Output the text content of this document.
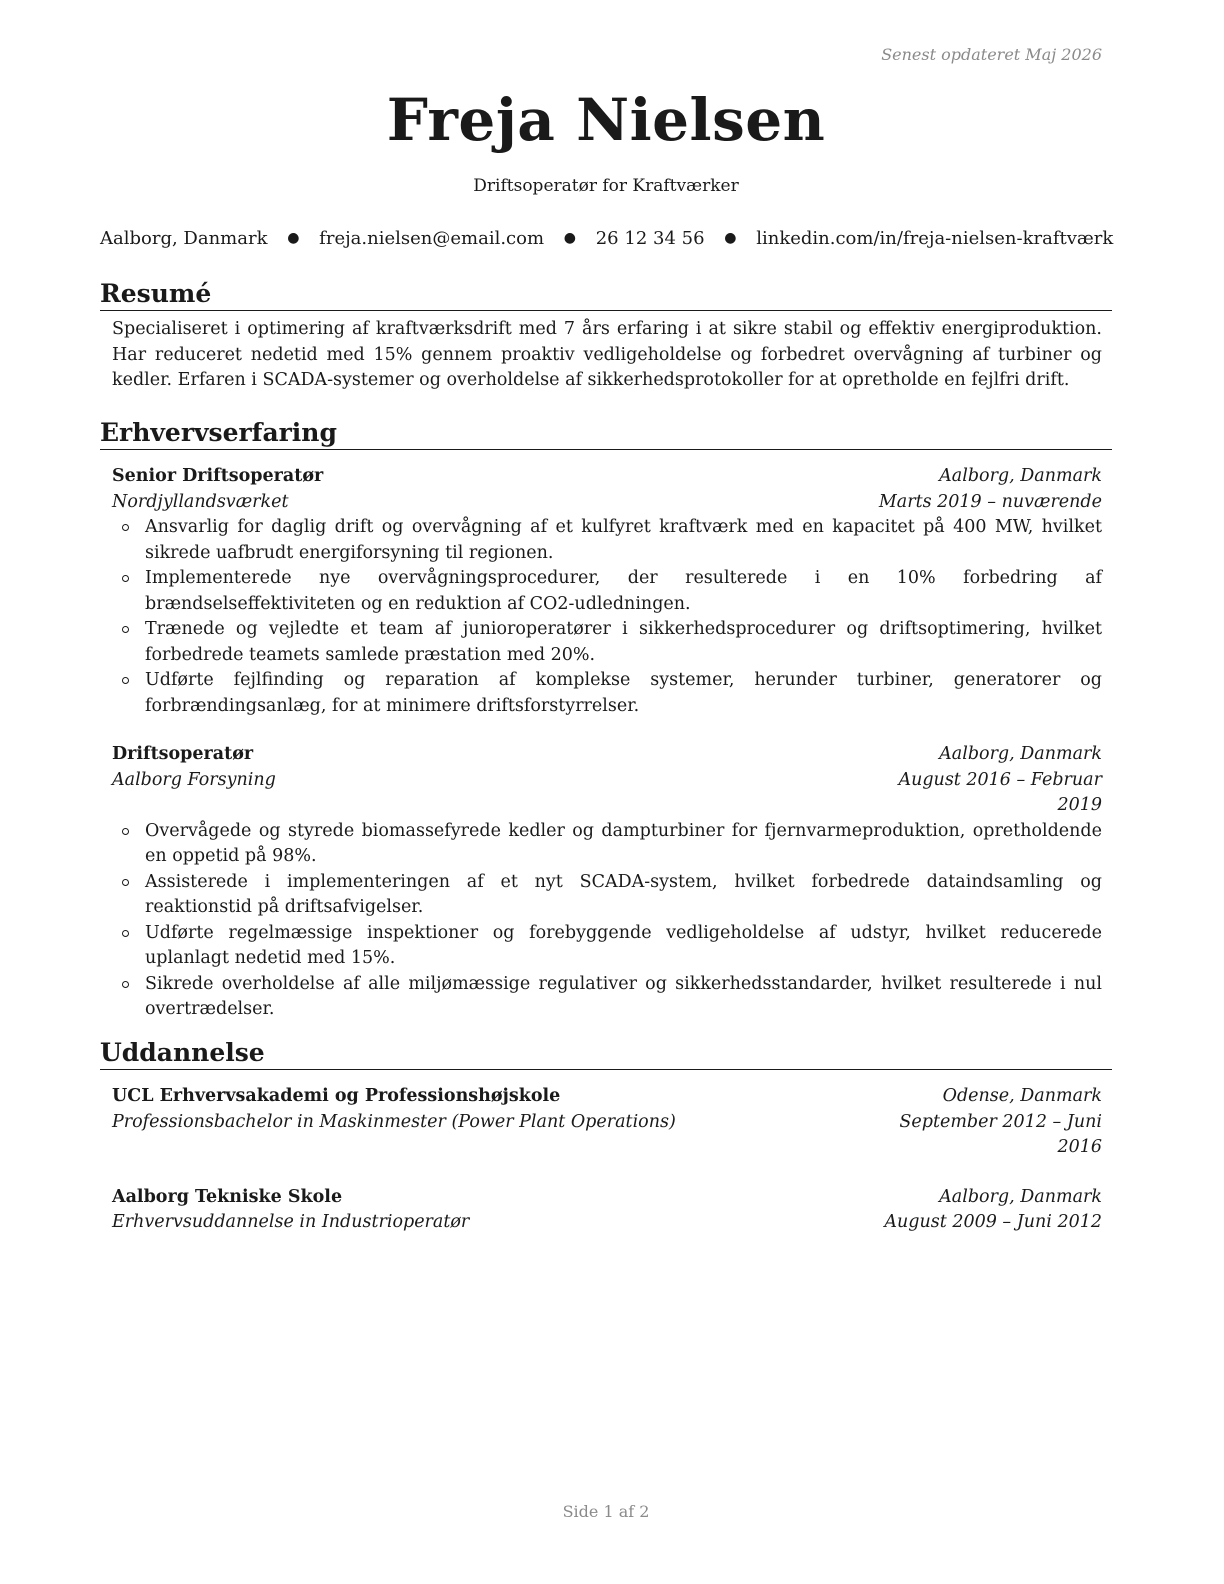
Senest opdateret Maj 2026
Freja Nielsen
Driftsoperatør for Kraftværker
Aalborg, Danmark ● freja.nielsen@email.com ● 26 12 34 56 ● linkedin.com/in/freja-nielsen-kraftværk
Resumé
Specialiseret i optimering af kraftværksdrift med 7 års erfaring i at sikre stabil og effektiv energiproduktion. Har reduceret nedetid med 15% gennem proaktiv vedligeholdelse og forbedret overvågning af turbiner og kedler. Erfaren i SCADA-systemer og overholdelse af sikkerhedsprotokoller for at opretholde en fejlfri drift.
Erhvervserfaring
Senior Driftsoperatør	Aalborg, Danmark
Nordjyllandsværket	Marts 2019 – nuværende
Ansvarlig for daglig drift og overvågning af et kulfyret kraftværk med en kapacitet på 400 MW, hvilket sikrede uafbrudt energiforsyning til regionen.
Implementerede nye overvågningsprocedurer, der resulterede i en 10% forbedring af brændselseffektiviteten og en reduktion af CO2-udledningen.
Trænede og vejledte et team af junioroperatører i sikkerhedsprocedurer og driftsoptimering, hvilket forbedrede teamets samlede præstation med 20%.
Udførte fejlfinding og reparation af komplekse systemer, herunder turbiner, generatorer og forbrændingsanlæg, for at minimere driftsforstyrrelser.
Driftsoperatør	Aalborg, Danmark
Aalborg Forsyning	August 2016 – Februar 2019
Overvågede og styrede biomassefyrede kedler og dampturbiner for fjernvarmeproduktion, opretholdende en oppetid på 98%.
Assisterede i implementeringen af et nyt SCADA-system, hvilket forbedrede dataindsamling og reaktionstid på driftsafvigelser.
Udførte regelmæssige inspektioner og forebyggende vedligeholdelse af udstyr, hvilket reducerede uplanlagt nedetid med 15%.
Sikrede overholdelse af alle miljømæssige regulativer og sikkerhedsstandarder, hvilket resulterede i nul overtrædelser.
Uddannelse
UCL Erhvervsakademi og Professionshøjskole	Odense, Danmark
Professionsbachelor in Maskinmester (Power Plant Operations)	September 2012 – Juni 2016
Aalborg Tekniske Skole	Aalborg, Danmark
Erhvervsuddannelse in Industrioperatør	August 2009 – Juni 2012
Side 1 af 2
